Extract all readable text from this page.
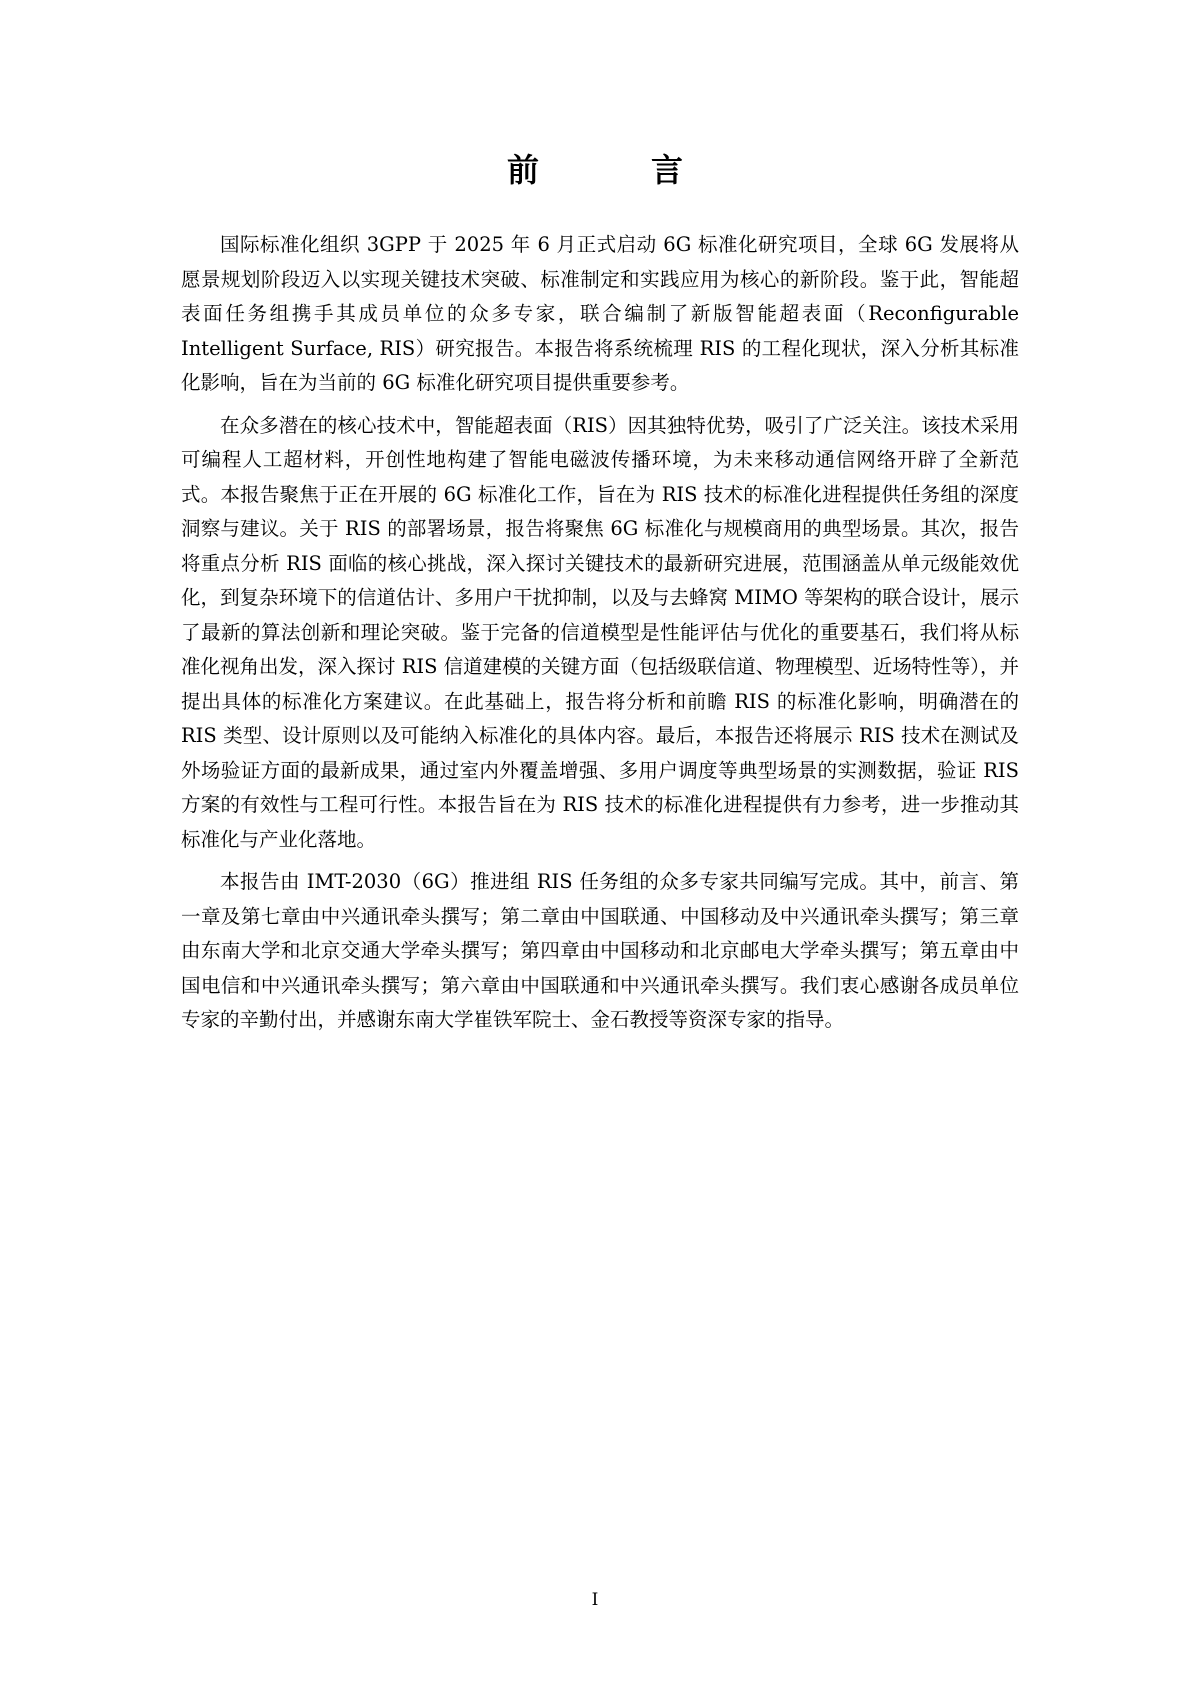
前　言

国际标准化组织 3GPP 于 2025 年 6 月正式启动 6G 标准化研究项目，全球 6G 发展将从愿景规划阶段迈入以实现关键技术突破、标准制定和实践应用为核心的新阶段。鉴于此，智能超表面任务组携手其成员单位的众多专家，联合编制了新版智能超表面（Reconfigurable Intelligent Surface, RIS）研究报告。本报告将系统梳理 RIS 的工程化现状，深入分析其标准化影响，旨在为当前的 6G 标准化研究项目提供重要参考。

在众多潜在的核心技术中，智能超表面（RIS）因其独特优势，吸引了广泛关注。该技术采用可编程人工超材料，开创性地构建了智能电磁波传播环境，为未来移动通信网络开辟了全新范式。本报告聚焦于正在开展的 6G 标准化工作，旨在为 RIS 技术的标准化进程提供任务组的深度洞察与建议。关于 RIS 的部署场景，报告将聚焦 6G 标准化与规模商用的典型场景。其次，报告将重点分析 RIS 面临的核心挑战，深入探讨关键技术的最新研究进展，范围涵盖从单元级能效优化，到复杂环境下的信道估计、多用户干扰抑制，以及与去蜂窝 MIMO 等架构的联合设计，展示了最新的算法创新和理论突破。鉴于完备的信道模型是性能评估与优化的重要基石，我们将从标准化视角出发，深入探讨 RIS 信道建模的关键方面（包括级联信道、物理模型、近场特性等），并提出具体的标准化方案建议。在此基础上，报告将分析和前瞻 RIS 的标准化影响，明确潜在的 RIS 类型、设计原则以及可能纳入标准化的具体内容。最后，本报告还将展示 RIS 技术在测试及外场验证方面的最新成果，通过室内外覆盖增强、多用户调度等典型场景的实测数据，验证 RIS 方案的有效性与工程可行性。本报告旨在为 RIS 技术的标准化进程提供有力参考，进一步推动其标准化与产业化落地。

本报告由 IMT-2030（6G）推进组 RIS 任务组的众多专家共同编写完成。其中，前言、第一章及第七章由中兴通讯牵头撰写；第二章由中国联通、中国移动及中兴通讯牵头撰写；第三章由东南大学和北京交通大学牵头撰写；第四章由中国移动和北京邮电大学牵头撰写；第五章由中国电信和中兴通讯牵头撰写；第六章由中国联通和中兴通讯牵头撰写。我们衷心感谢各成员单位专家的辛勤付出，并感谢东南大学崔铁军院士、金石教授等资深专家的指导。

I
